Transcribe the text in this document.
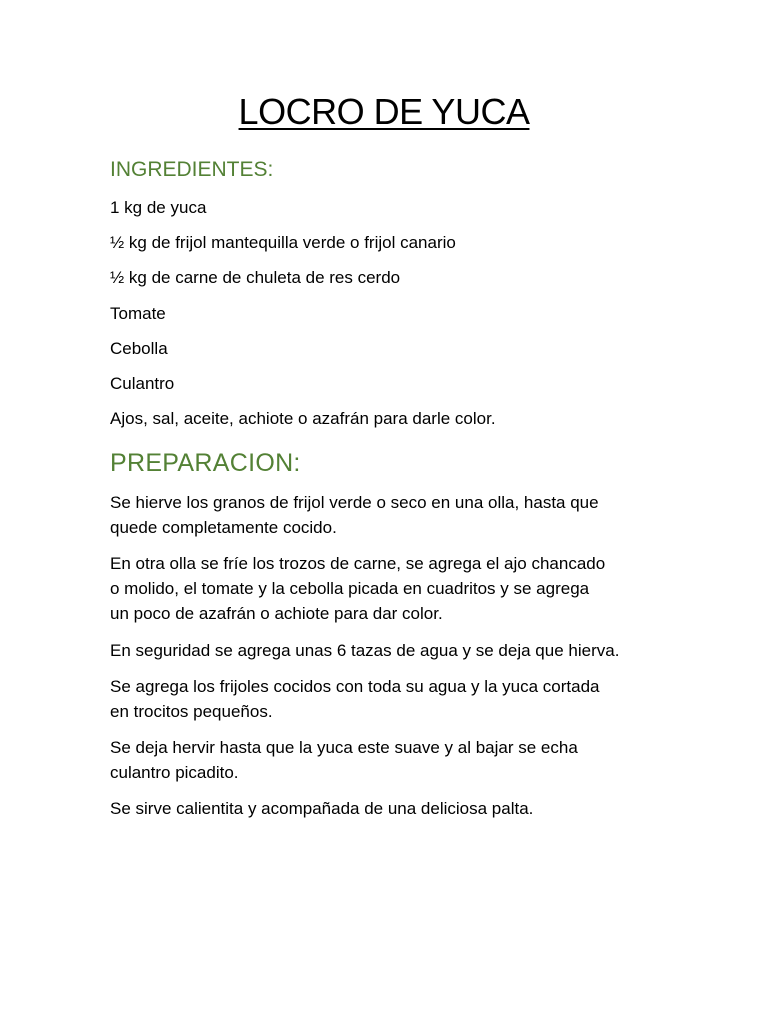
LOCRO DE YUCA
INGREDIENTES:
1 kg de yuca
½ kg de frijol mantequilla verde o frijol canario
½ kg de carne de chuleta de res cerdo
Tomate
Cebolla
Culantro
Ajos, sal, aceite, achiote o azafrán para darle color.
PREPARACION:

Se hierve los granos de frijol verde o seco en una olla, hasta que
quede completamente cocido.

En otra olla se fríe los trozos de carne, se agrega el ajo chancado
o molido, el tomate y la cebolla picada en cuadritos y se agrega
un poco de azafrán o achiote para dar color.

En seguridad se agrega unas 6 tazas de agua y se deja que hierva.

Se agrega los frijoles cocidos con toda su agua y la yuca cortada
en trocitos pequeños.

Se deja hervir hasta que la yuca este suave y al bajar se echa
culantro picadito.

Se sirve calientita y acompañada de una deliciosa palta.
